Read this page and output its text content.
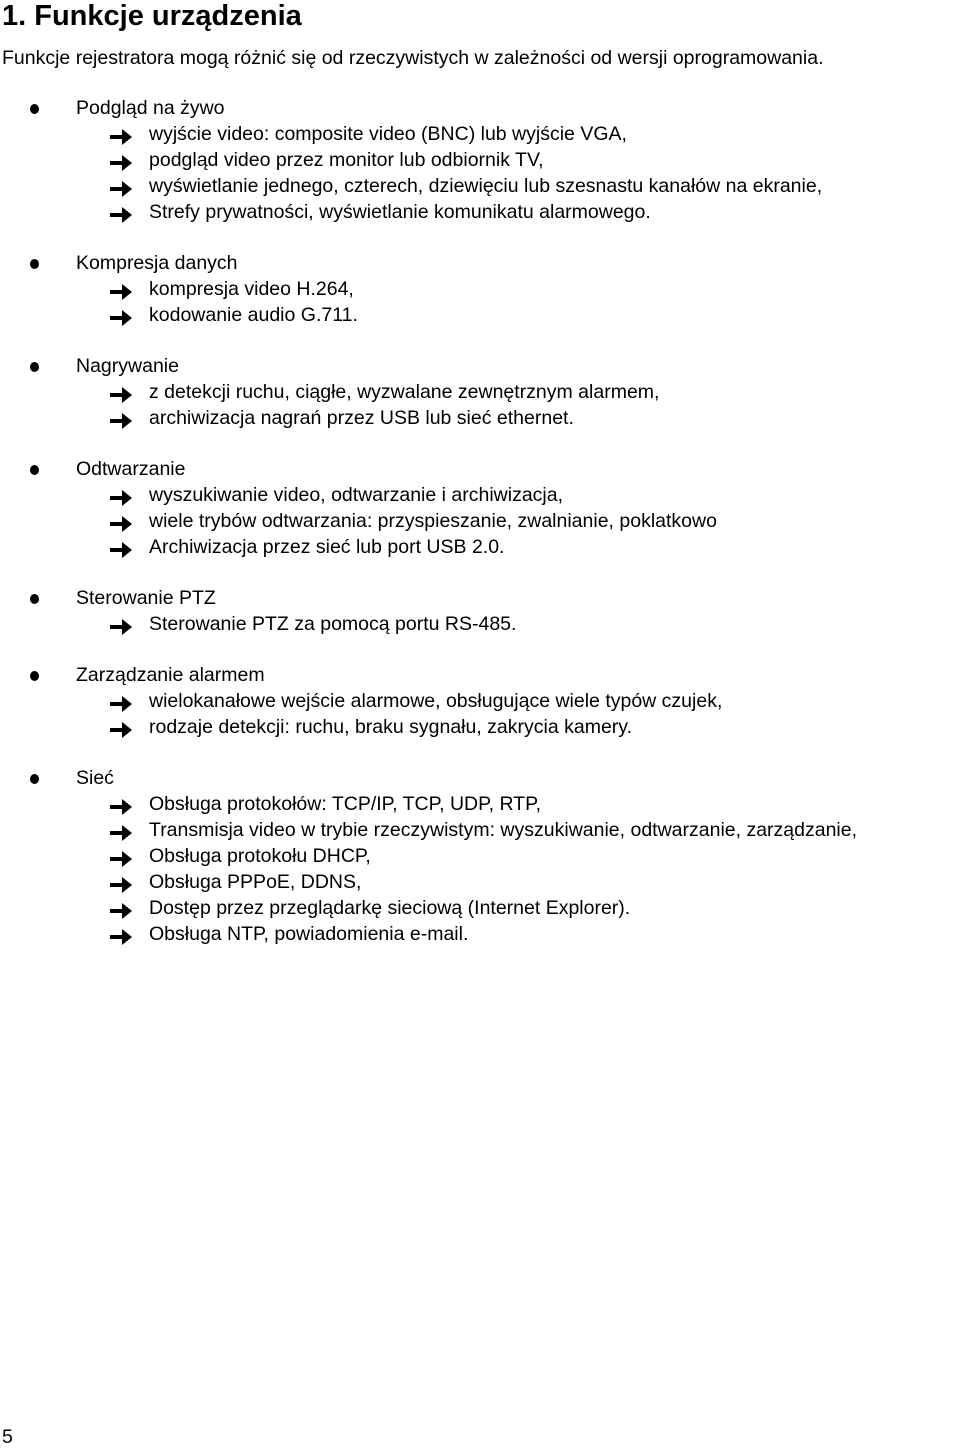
1. Funkcje urządzenia

Funkcje rejestratora mogą różnić się od rzeczywistych w zależności od wersji oprogramowania.

Podgląd na żywo
wyjście video: composite video (BNC) lub wyjście VGA,
podgląd video przez monitor lub odbiornik TV,
wyświetlanie jednego, czterech, dziewięciu lub szesnastu kanałów na ekranie,
Strefy prywatności, wyświetlanie komunikatu alarmowego.
Kompresja danych
kompresja video H.264,
kodowanie audio G.711.
Nagrywanie
z detekcji ruchu, ciągłe, wyzwalane zewnętrznym alarmem,
archiwizacja nagrań przez USB lub sieć ethernet.
Odtwarzanie
wyszukiwanie video, odtwarzanie i archiwizacja,
wiele trybów odtwarzania: przyspieszanie, zwalnianie, poklatkowo
Archiwizacja przez sieć lub port USB 2.0.
Sterowanie PTZ
Sterowanie PTZ za pomocą portu RS-485.
Zarządzanie alarmem
wielokanałowe wejście alarmowe, obsługujące wiele typów czujek,
rodzaje detekcji: ruchu, braku sygnału, zakrycia kamery.
Sieć
Obsługa protokołów: TCP/IP, TCP, UDP, RTP,
Transmisja video w trybie rzeczywistym: wyszukiwanie, odtwarzanie, zarządzanie,
Obsługa protokołu DHCP,
Obsługa PPPoE, DDNS,
Dostęp przez przeglądarkę sieciową (Internet Explorer).
Obsługa NTP, powiadomienia e-mail.
5
